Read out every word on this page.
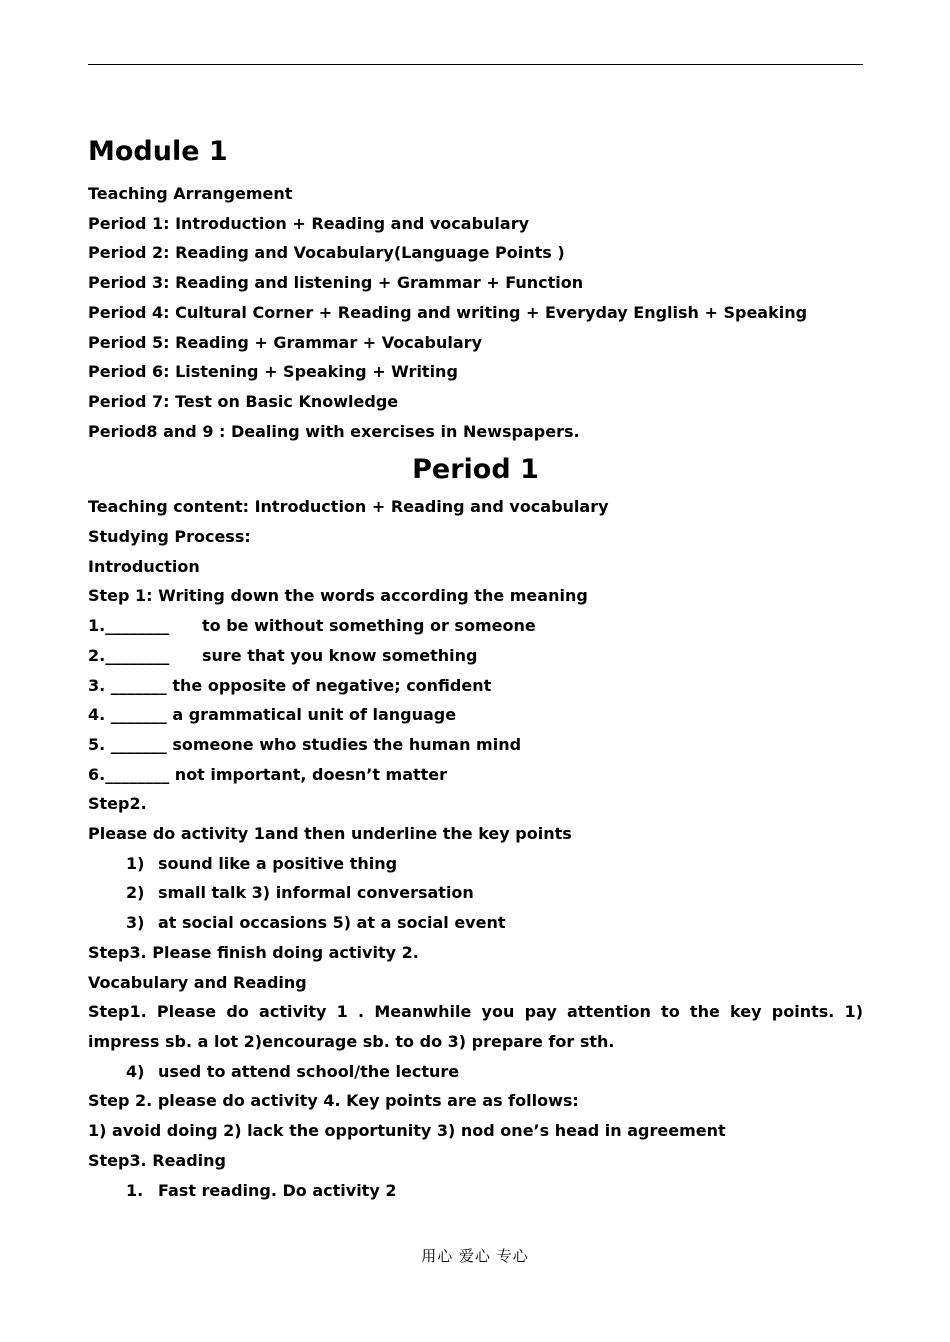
Module 1
Teaching Arrangement
Period 1: Introduction + Reading and vocabulary
Period 2: Reading and Vocabulary(Language Points )
Period 3: Reading and listening + Grammar + Function
Period 4: Cultural Corner + Reading and writing + Everyday English + Speaking
Period 5: Reading + Grammar + Vocabulary
Period 6: Listening + Speaking + Writing
Period 7: Test on Basic Knowledge
Period8 and 9 : Dealing with exercises in Newspapers.
Period 1
Teaching content: Introduction + Reading and vocabulary
Studying Process:
Introduction
Step 1: Writing down the words according the meaning
1.________ to be without something or someone
2.________ sure that you know something
3. _______ the opposite of negative; confident
4. _______ a grammatical unit of language
5. _______ someone who studies the human mind
6.________ not important, doesn’t matter
Step2.
Please do activity 1and then underline the key points
1) sound like a positive thing
2) small talk 3) informal conversation
3) at social occasions 5) at a social event
Step3. Please finish doing activity 2.
Vocabulary and Reading
Step1. Please do activity 1 . Meanwhile you pay attention to the key points. 1) impress sb. a lot 2)encourage sb. to do 3) prepare for sth.
4) used to attend school/the lecture
Step 2. please do activity 4. Key points are as follows:
1) avoid doing 2) lack the opportunity 3) nod one’s head in agreement
Step3. Reading
1. Fast reading. Do activity 2
用心 爱心 专心
